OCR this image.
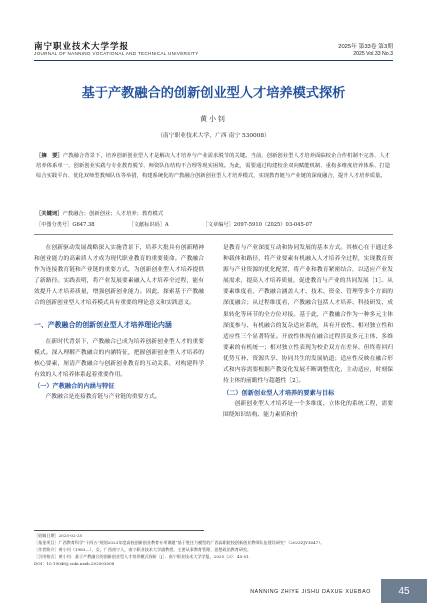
南宁职业技术大学学报
JOURNAL OF NANNING VOCATIONAL AND TECHNICAL UNIVERSITY
2025年 第33卷 第3期
2025 Vol.33 No.3
基于产教融合的创新创业型人才培养模式探析
黄小钊
（南宁职业技术大学，广西 南宁 530008）
［摘　要］产教融合背景下，培养创新创业型人才是解决人才培养与产业需求脱节的关键。当前，创新创业型人才培养面临校企合作机制不完善、人才培养体系单一、创新创业实践与专业教育脱节、师资队伍结构不合理等现实困境。为此，需要通过构建校企双向赋能机制、重构多维度培养体系、打造综合实践平台、优化双师型教师队伍等举措，构建系统化的产教融合创新创业型人才培养模式，实现教育链与产业链的深度融合，提升人才培养质量。
［关键词］产教融合；创新创业；人才培养；教育模式
［中图分类号］G647.38	［文献标识码］A	［文章编号］2097-5910（2025）03-045-07

在创新驱动发展战略深入实施背景下，培养大批具有创新精神和创业能力的高素质人才成为现代职业教育的重要使命。产教融合作为连接教育链和产业链的重要方式，为创新创业型人才培养提供了新路径。实践表明，将产业发展要素融入人才培养全过程，能有效提升人才培养质量，增强创新创业能力。因此，探索基于产教融合的创新创业型人才培养模式具有重要的理论意义和实践意义。

一、产教融合的创新创业型人才培养理论内涵

在新时代背景下，产教融合已成为培养创新创业型人才的重要模式。深入理解产教融合的内涵特征，把握创新创业型人才培养的核心要素，厘清产教融合与创新创业教育的互动关系，对构建科学有效的人才培养体系起着重要作用。

（一）产教融合的内涵与特征

产教融合是连接教育链与产业链的重要方式。

是教育与产业深度互动和协同发展的基本方式。其核心在于通过多种载体和路径，将产业要素有机融入人才培养全过程，实现教育资源与产业资源的优化配置，将产业和教育紧密结合，以适应产业发展需求，提高人才培养质量，促进教育与产业的共同发展［1］。从要素维度看，产教融合涵盖人才、技术、资金、管理等多个方面的深度融合；从过程维度看，产教融合包括人才培养、科技研发、成果转化等环节的全方位对接。基于此，产教融合作为一种多元主体深度参与、有机融合的复杂适应系统，具有开放性、相对独立性和适应性三个显著特征。开放性体现在融合过程涉及多元主体、多维要素的有机统一；相对独立性表现为校企双方在差异、但终将回归优势互补、资源共享、协同共生的发展轨道；适应性反映在融合形式和内容需要根据产教变化发展不断调整优化，主动适应，时刻保持主体的前瞻性与超越性［2］。

（二）创新创业型人才培养的要素与目标

创新创业型人才培养是一个多维度、立体化的系统工程，需要围绕知识结构、能力素质和价

［收稿日期］2025-02-25
［基金项目］广西教育科学“十四五”规划2023年度高校创新创业教育专项课题“基于胜任力模型的广西高职院校创新创业教师队伍建设研究”（2023ZJY1647）。
［作者简介］黄小钊（1983—），女，广西南宁人，南宁职业技术大学副教授，主要从事教育管理、思想政治教育研究。
［引用格式］黄小钊．基于产教融合的创新创业型人才培养模式探析［J］．南宁职业技术大学学报，2025（3）：45-51.
DOI：10.19046/j.cnki.nzxb.202503008
NANNING ZHIYE JISHU DAXUE XUEBAO	45
